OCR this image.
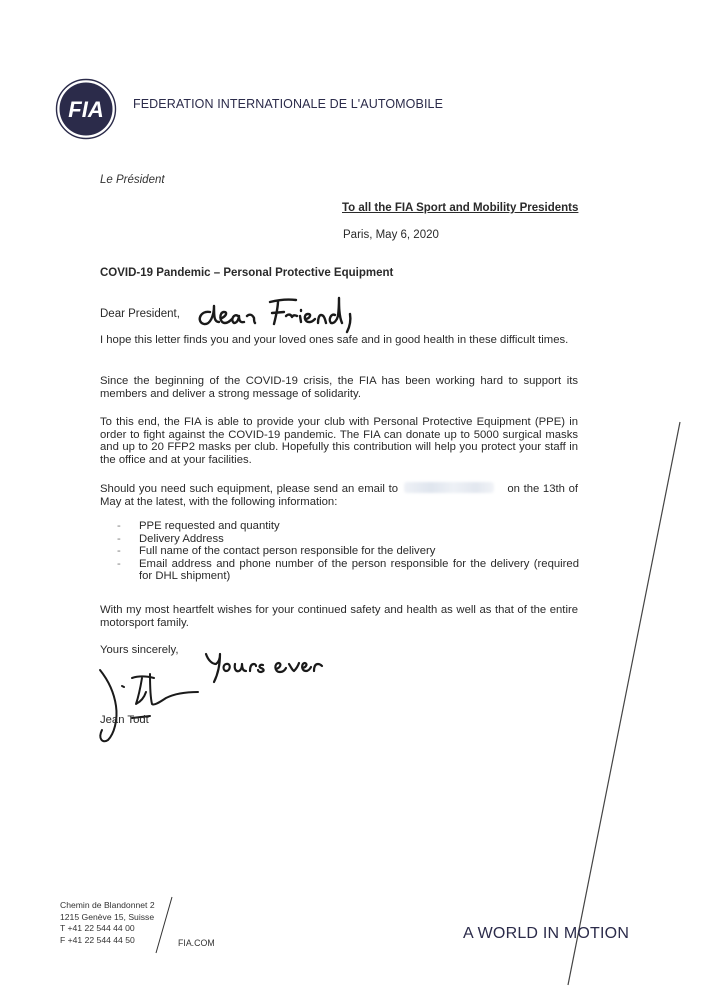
FIA FEDERATION INTERNATIONALE DE L'AUTOMOBILE
Le Président
To all the FIA Sport and Mobility Presidents
Paris, May 6, 2020
COVID-19 Pandemic – Personal Protective Equipment
Dear President,
I hope this letter finds you and your loved ones safe and in good health in these difficult times.
Since the beginning of the COVID-19 crisis, the FIA has been working hard to support its members and deliver a strong message of solidarity.
To this end, the FIA is able to provide your club with Personal Protective Equipment (PPE) in order to fight against the COVID-19 pandemic. The FIA can donate up to 5000 surgical masks and up to 20 FFP2 masks per club. Hopefully this contribution will help you protect your staff in the office and at your facilities.
Should you need such equipment, please send an email to	on the 13th of May at the latest, with the following information:
- PPE requested and quantity
- Delivery Address
- Full name of the contact person responsible for the delivery
- Email address and phone number of the person responsible for the delivery (required for DHL shipment)
With my most heartfelt wishes for your continued safety and health as well as that of the entire motorsport family.
Yours sincerely,
Jean Todt
Chemin de Blandonnet 2
1215 Genève 15, Suisse
T +41 22 544 44 00
F +41 22 544 44 50	FIA.COM
A WORLD IN MOTION
